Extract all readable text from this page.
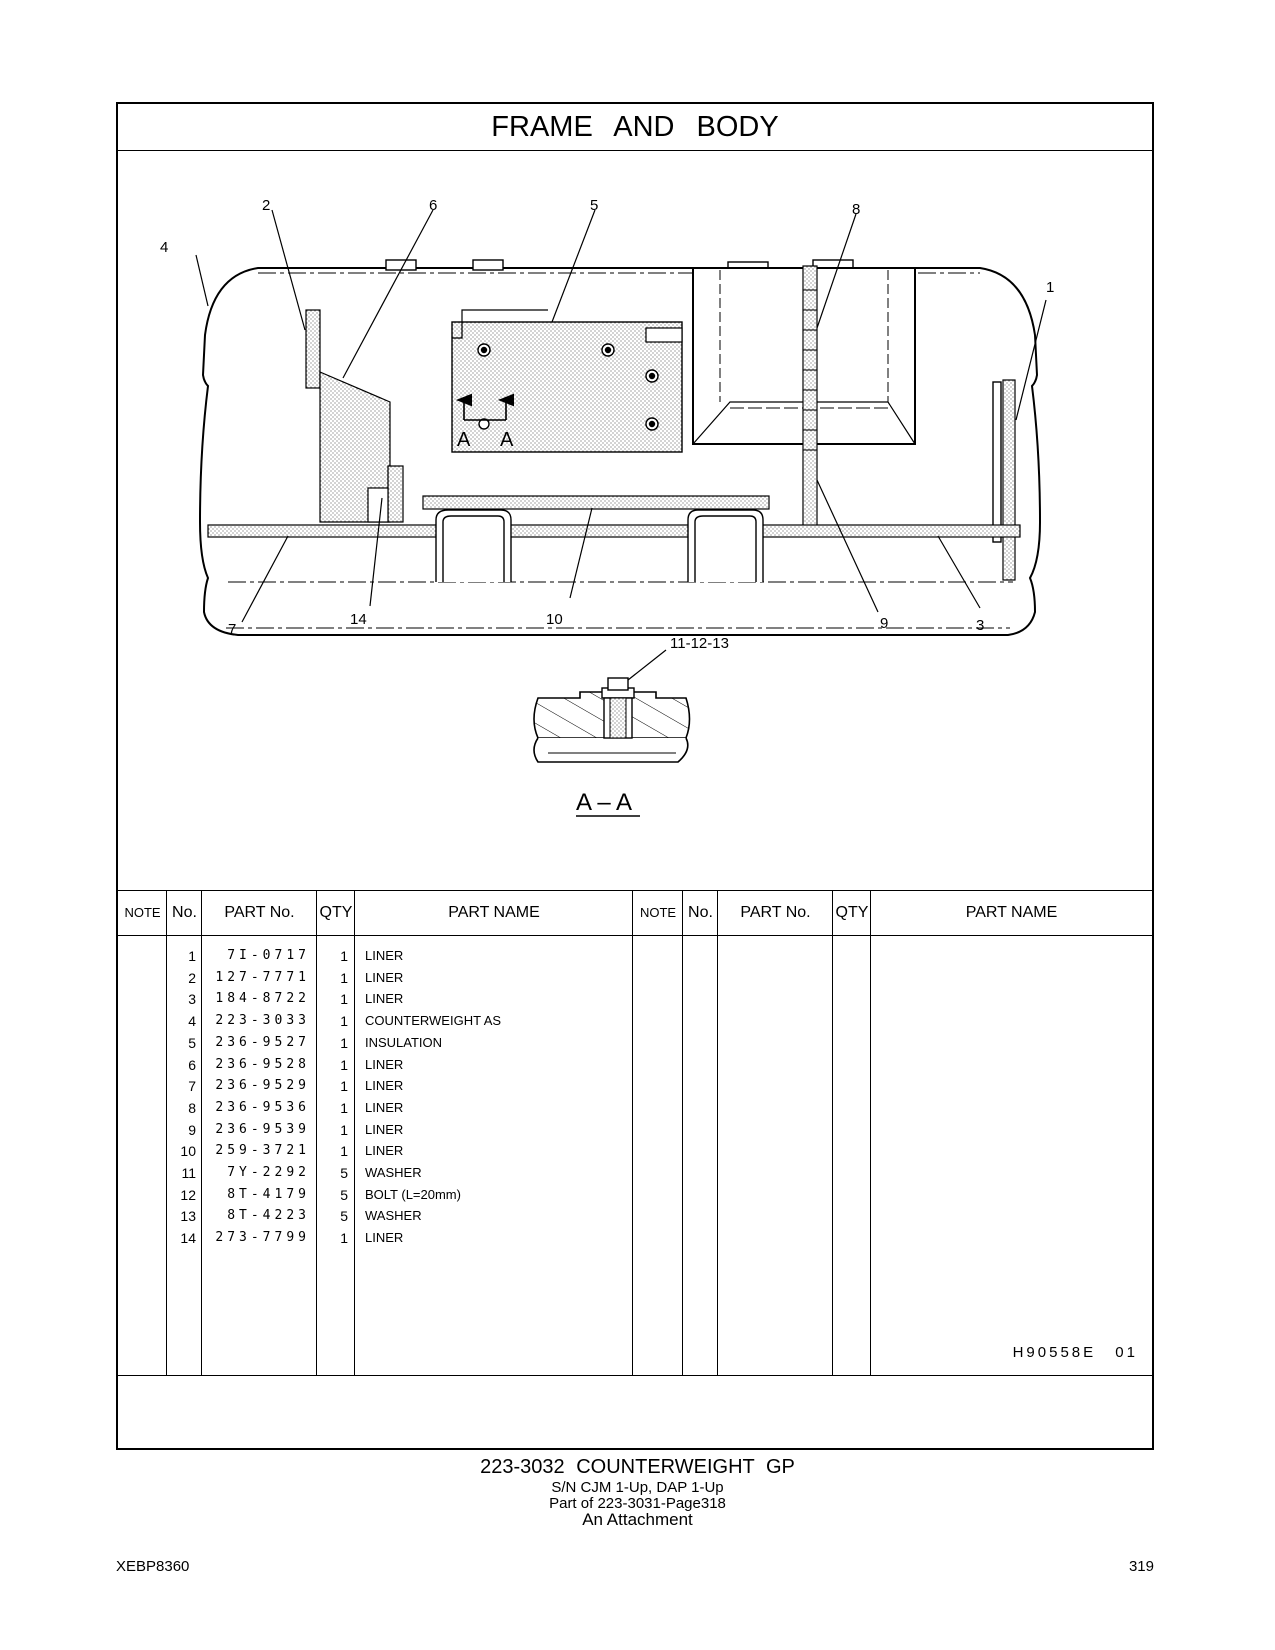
FRAME AND BODY
A A
4
2	6	5	8
1
7
14	10	9	3
11-12-13
A – A
NOTE No.	PART No.	QTY	PART NAME	NOTE No.	PART No.	QTY	PART NAME
1	7I-0717	1 LINER
2	127-7771	1 LINER
3	184-8722	1 LINER
4	223-3033	1 COUNTERWEIGHT AS
5	236-9527	1 INSULATION
6	236-9528	1 LINER
7	236-9529	1 LINER
8	236-9536	1 LINER
9	236-9539	1 LINER
10	259-3721	1 LINER
11	7Y-2292	5 WASHER
12	8T-4179	5 BOLT (L=20mm)
13	8T-4223	5 WASHER
14	273-7799	1 LINER
H90558E 01
223-3032 COUNTERWEIGHT GP
S/N CJM 1-Up, DAP 1-Up
Part of 223-3031-Page318
An Attachment
XEBP8360	319
